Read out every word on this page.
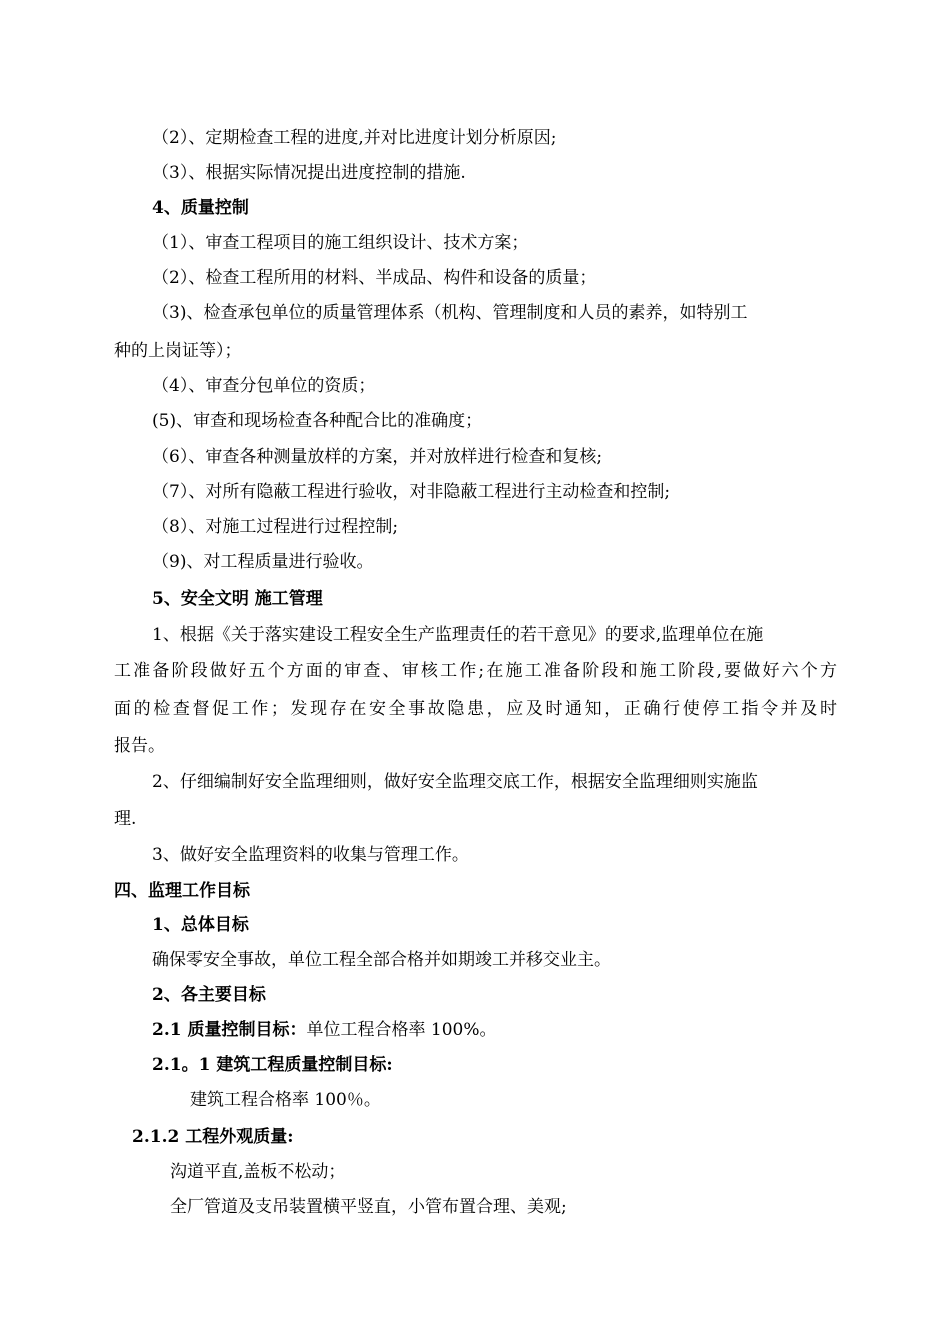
（2）、定期检查工程的进度,并对比进度计划分析原因;
（3）、根据实际情况提出进度控制的措施.
4、质量控制
（1）、审查工程项目的施工组织设计、技术方案；
（2）、检查工程所用的材料、半成品、构件和设备的质量；
（3)、检查承包单位的质量管理体系（机构、管理制度和人员的素养，如特别工
种的上岗证等）；
（4）、审查分包单位的资质；
(5)、审查和现场检查各种配合比的准确度；
（6）、审查各种测量放样的方案，并对放样进行检查和复核;
（7）、对所有隐蔽工程进行验收，对非隐蔽工程进行主动检查和控制;
（8）、对施工过程进行过程控制;
（9)、对工程质量进行验收。
5、安全文明 施工管理
1、根据《关于落实建设工程安全生产监理责任的若干意见》的要求,监理单位在施
工准备阶段做好五个方面的审查、审核工作;在施工准备阶段和施工阶段,要做好六个方
面的检查督促工作；发现存在安全事故隐患，应及时通知，正确行使停工指令并及时
报告。
2、仔细编制好安全监理细则，做好安全监理交底工作，根据安全监理细则实施监
理.
3、做好安全监理资料的收集与管理工作。
四、监理工作目标
1、总体目标
确保零安全事故，单位工程全部合格并如期竣工并移交业主。
2、各主要目标
2.1 质量控制目标：单位工程合格率 100%。
2.1。1 建筑工程质量控制目标:
建筑工程合格率 100％。
2.1.2 工程外观质量:
沟道平直,盖板不松动；
全厂管道及支吊装置横平竖直，小管布置合理、美观;
